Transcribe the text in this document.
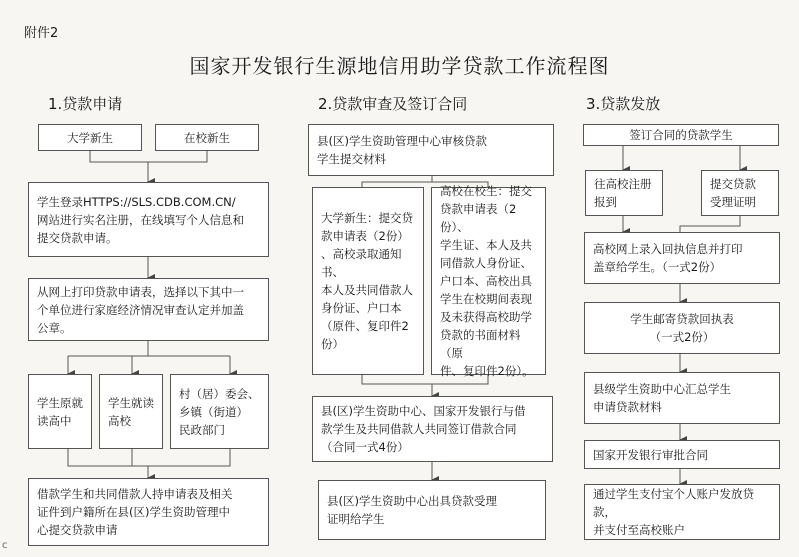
附件2
国家开发银行生源地信用助学贷款工作流程图
1.贷款申请	2.贷款审查及签订合同	3.贷款发放
大学新生	在校新生
学生登录HTTPS://SLS.CDB.COM.CN/
网站进行实名注册，在线填写个人信息和
提交贷款申请。
从网上打印贷款申请表，选择以下其中一
个单位进行家庭经济情况审查认定并加盖
公章。
学生原就
读高中
学生就读
高校
村（居）委会、
乡镇（街道）
民政部门
借款学生和共同借款人持申请表及相关
证件到户籍所在县(区)学生资助管理中
心提交贷款申请
县(区)学生资助管理中心审核贷款
学生提交材料
大学新生：提交贷
款申请表（2份）
、高校录取通知书、
本人及共同借款人
身份证、户口本
（原件、复印件2份）
高校在校生：提交
贷款申请表（2份）、
学生证、本人及共
同借款人身份证、
户口本、高校出具
学生在校期间表现
及未获得高校助学
贷款的书面材料（原
件、复印件2份）。
县(区)学生资助中心、国家开发银行与借
款学生及共同借款人共同签订借款合同
（合同一式4份）
县(区)学生资助中心出具贷款受理
证明给学生
签订合同的贷款学生
往高校注册
报到
提交贷款
受理证明
高校网上录入回执信息并打印
盖章给学生。（一式2份）
学生邮寄贷款回执表
（一式2份）
县级学生资助中心汇总学生
申请贷款材料
国家开发银行审批合同
通过学生支付宝个人账户发放贷款，
并支付至高校账户
c
